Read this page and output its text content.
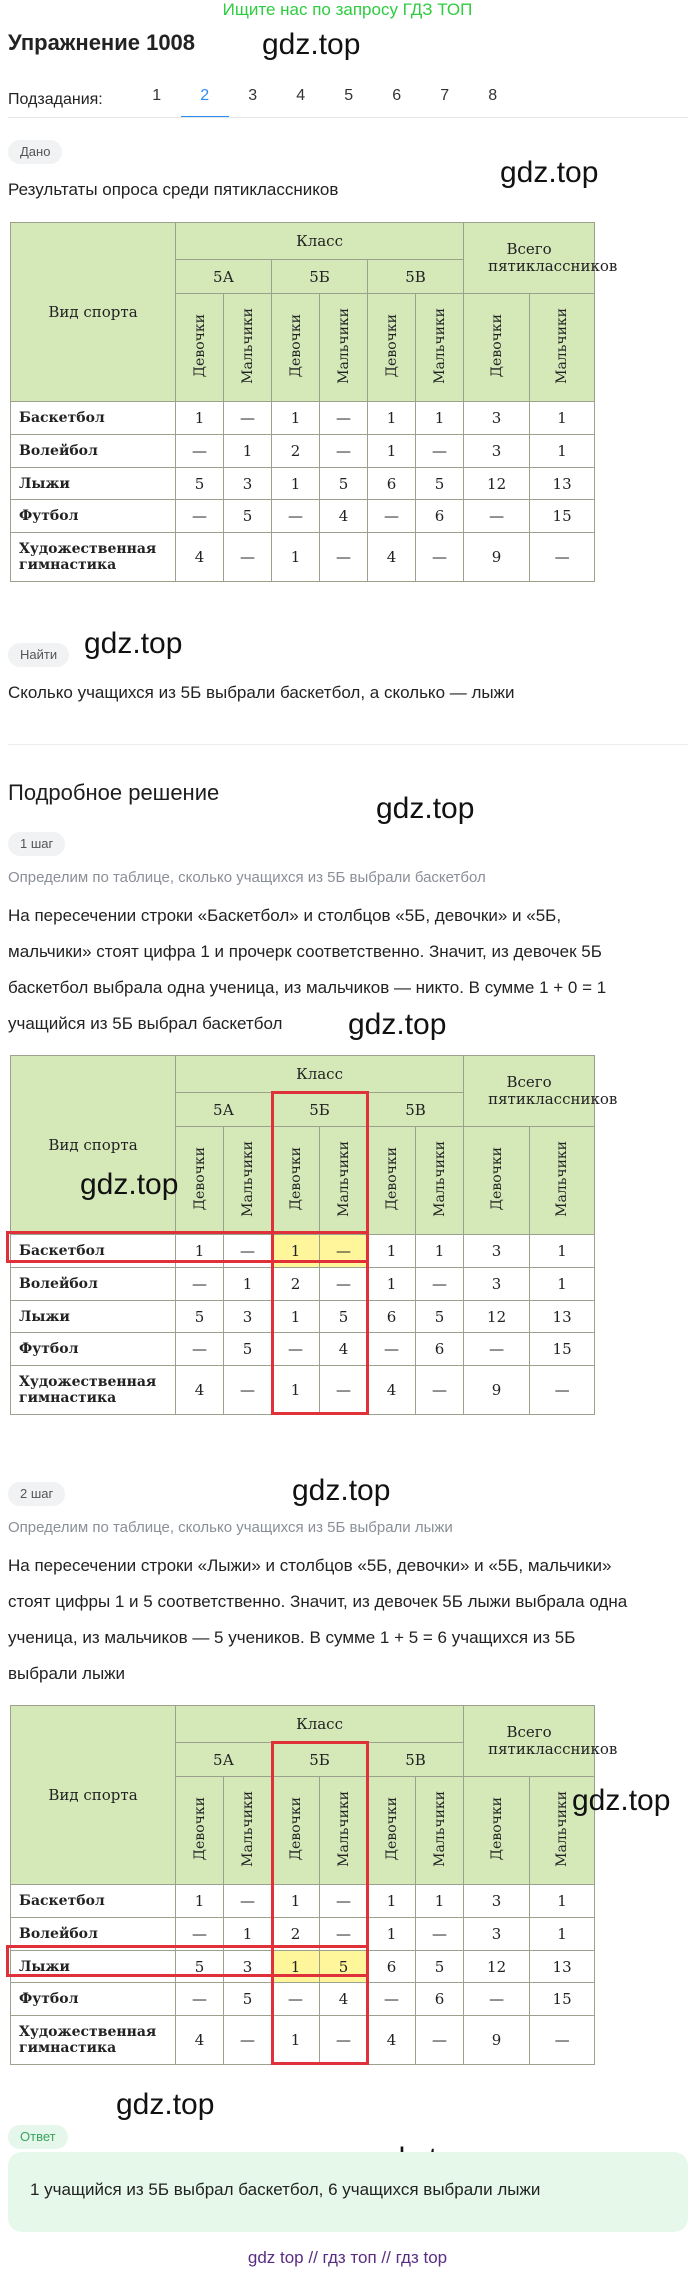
Ищите нас по запросу ГДЗ ТОП
Упражнение 1008 gdz.top
Подзадания:	1	2	3	4	5	6	7	8
Дано
Результаты опроса среди пятиклассников
gdz.top
Вид спорта	Класс						Всего пятиклассников	
	5А		5Б		5В			
	Девочки	Мальчики	Девочки	Мальчики	Девочки	Мальчики	Девочки	Мальчики
Баскетбол	1	—	1	—	1	1	3	1
Волейбол	—	1	2	—	1	—	3	1
Лыжи	5	3	1	5	6	5	12	13
Футбол	—	5	—	4	—	6	—	15
Художественная гимнастика	4	—	1	—	4	—	9	—
Найти gdz.top
Сколько учащихся из 5Б выбрали баскетбол, а сколько — лыжи
Подробное решение	gdz.top
1 шаг
Определим по таблице, сколько учащихся из 5Б выбрали баскетбол
На пересечении строки «Баскетбол» и столбцов «5Б, девочки» и «5Б,
мальчики» стоят цифра 1 и прочерк соответственно. Значит, из девочек 5Б
баскетбол выбрала одна ученица, из мальчиков — никто. В сумме 1 + 0 = 1
учащийся из 5Б выбрал баскетбол	gdz.top
Вид спорта	Класс						Всего пятиклассников	
	5А		5Б		5В			
	Девочки	Мальчики	Девочки	Мальчики	Девочки	Мальчики	Девочки	Мальчики
Баскетбол	1	—	1	—	1	1	3	1
Волейбол	—	1	2	—	1	—	3	1
Лыжи	5	3	1	5	6	5	12	13
Футбол	—	5	—	4	—	6	—	15
Художественная гимнастика	4	—	1	—	4	—	9	—
gdz.top
gdz.top
2 шаг
Определим по таблице, сколько учащихся из 5Б выбрали лыжи
На пересечении строки «Лыжи» и столбцов «5Б, девочки» и «5Б, мальчики»
стоят цифры 1 и 5 соответственно. Значит, из девочек 5Б лыжи выбрала одна
ученица, из мальчиков — 5 учеников. В сумме 1 + 5 = 6 учащихся из 5Б
выбрали лыжи
Вид спорта	Класс						Всего пятиклассников	
	5А		5Б		5В			
	Девочки	Мальчики	Девочки	Мальчики	Девочки	Мальчики	Девочки	Мальчики
Баскетбол	1	—	1	—	1	1	3	1
Волейбол	—	1	2	—	1	—	3	1
Лыжи	5	3	1	5	6	5	12	13
Футбол	—	5	—	4	—	6	—	15
Художественная гимнастика	4	—	1	—	4	—	9	—
gdz.top
gdz.top
Ответ
1 учащийся из 5Б выбрал баскетбол, 6 учащихся выбрали лыжи
gdz top // гдз топ // гдз top
